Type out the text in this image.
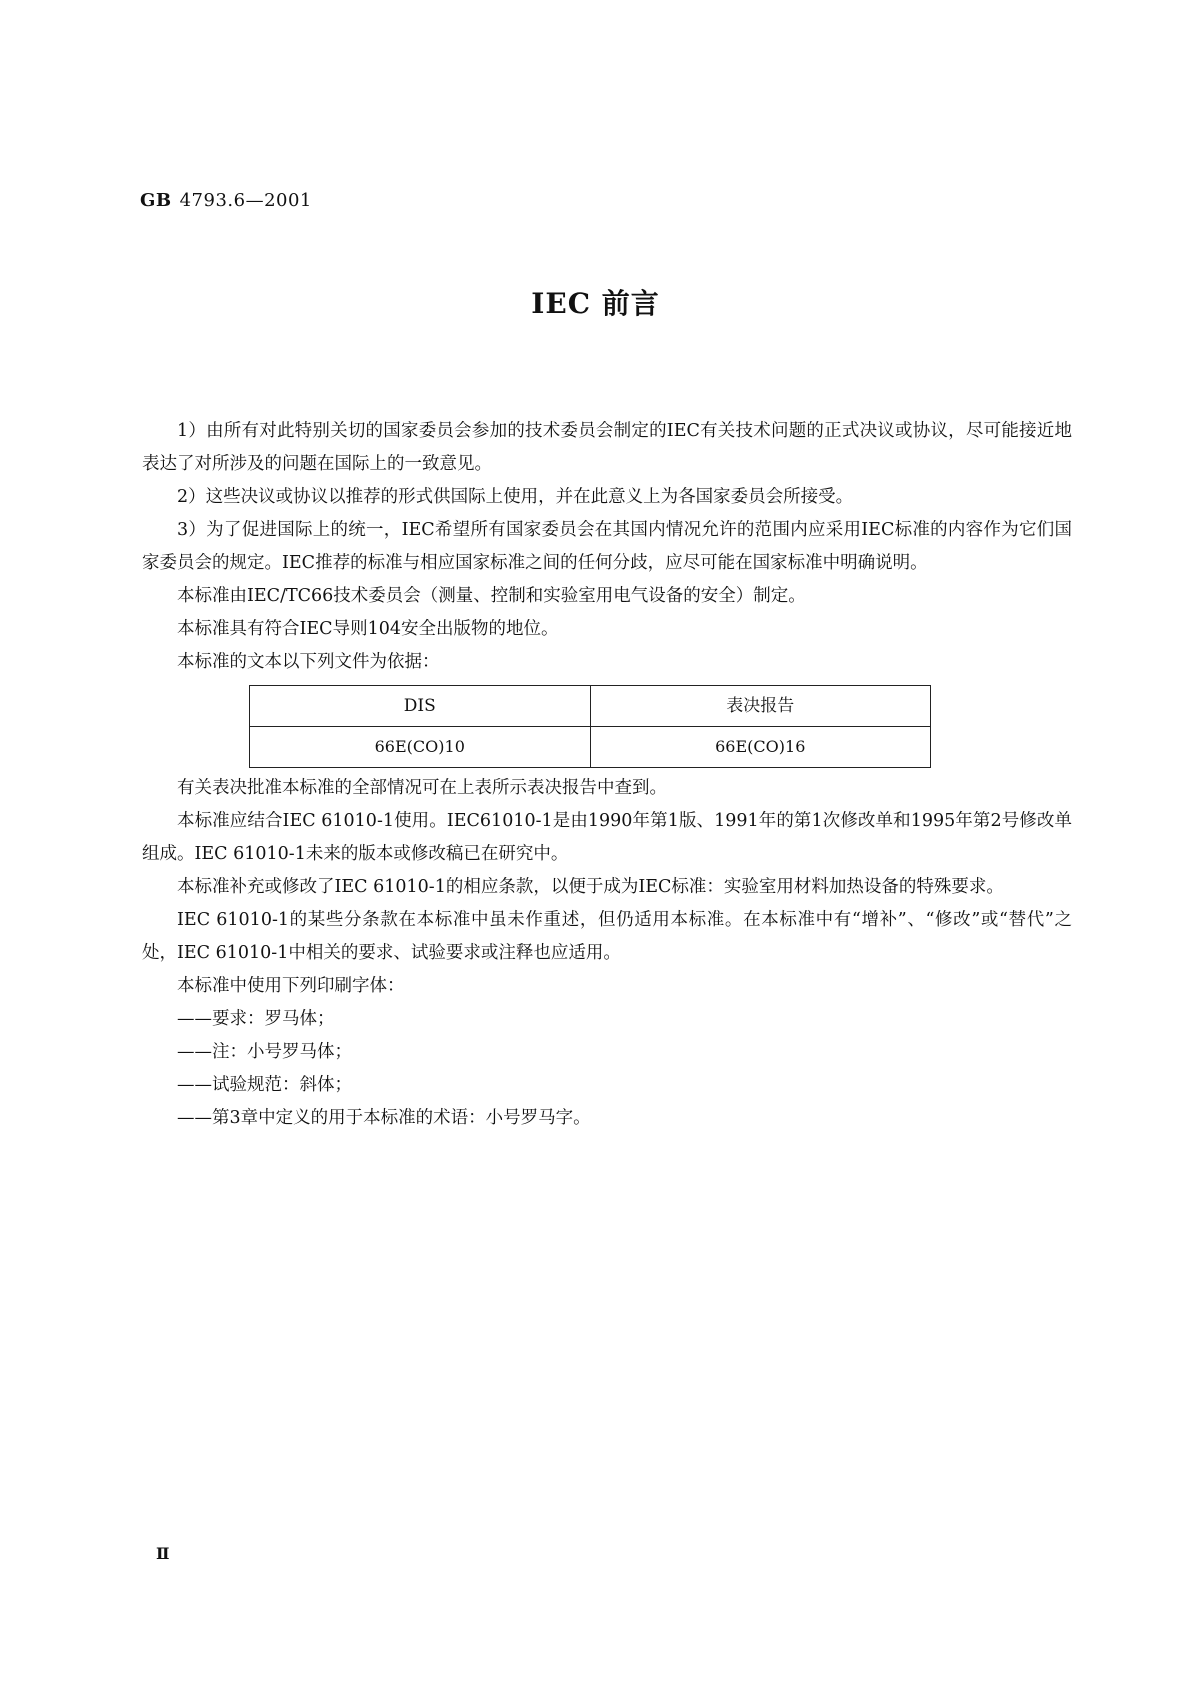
GB 4793.6—2001
IEC 前言

1）由所有对此特别关切的国家委员会参加的技术委员会制定的IEC有关技术问题的正式决议或协议，尽可能接近地表达了对所涉及的问题在国际上的一致意见。

2）这些决议或协议以推荐的形式供国际上使用，并在此意义上为各国家委员会所接受。

3）为了促进国际上的统一，IEC希望所有国家委员会在其国内情况允许的范围内应采用IEC标准的内容作为它们国家委员会的规定。IEC推荐的标准与相应国家标准之间的任何分歧，应尽可能在国家标准中明确说明。

本标准由IEC/TC66技术委员会（测量、控制和实验室用电气设备的安全）制定。

本标准具有符合IEC导则104安全出版物的地位。

本标准的文本以下列文件为依据：

DIS	表决报告
66E(CO)10	66E(CO)16

有关表决批准本标准的全部情况可在上表所示表决报告中查到。

本标准应结合IEC 61010-1使用。IEC61010-1是由1990年第1版、1991年的第1次修改单和1995年第2号修改单组成。IEC 61010-1未来的版本或修改稿已在研究中。

本标准补充或修改了IEC 61010-1的相应条款，以便于成为IEC标准：实验室用材料加热设备的特殊要求。

IEC 61010-1的某些分条款在本标准中虽未作重述，但仍适用本标准。在本标准中有“增补”、“修改”或“替代”之处，IEC 61010-1中相关的要求、试验要求或注释也应适用。

本标准中使用下列印刷字体：

——要求：罗马体；

——注：小号罗马体；

——试验规范：斜体；

——第3章中定义的用于本标准的术语：小号罗马字。

Ⅱ
